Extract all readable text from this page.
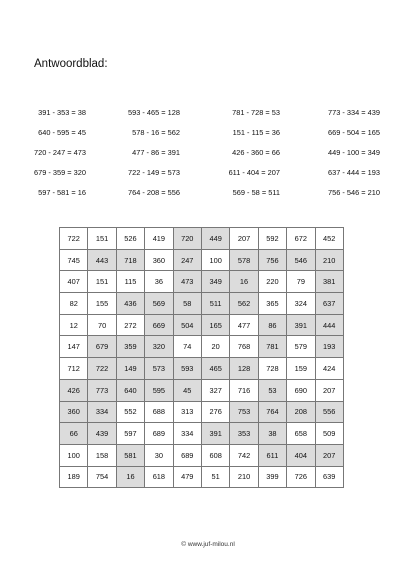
Antwoordblad:
391 - 353 = 38	593 - 465 = 128	781 - 728 = 53	773 - 334 = 439
640 - 595 = 45	578 - 16 = 562	151 - 115 = 36	669 - 504 = 165
720 - 247 = 473	477 - 86 = 391	426 - 360 = 66	449 - 100 = 349
679 - 359 = 320	722 - 149 = 573	611 - 404 = 207	637 - 444 = 193
597 - 581 = 16	764 - 208 = 556	569 - 58 = 511	756 - 546 = 210
722	151	526	419	720	449	207	592	672	452
745	443	718	360	247	100	578	756	546	210
407	151	115	36	473	349	16	220	79	381
82	155	436	569	58	511	562	365	324	637
12	70	272	669	504	165	477	86	391	444
147	679	359	320	74	20	768	781	579	193
712	722	149	573	593	465	128	728	159	424
426	773	640	595	45	327	716	53	690	207
360	334	552	688	313	276	753	764	208	556
66	439	597	689	334	391	353	38	658	509
100	158	581	30	689	608	742	611	404	207
189	754	16	618	479	51	210	399	726	639
© www.juf-milou.nl
